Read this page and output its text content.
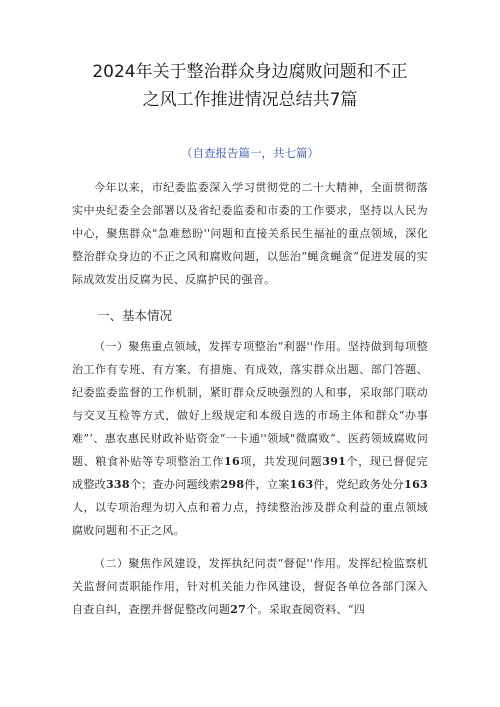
2024年关于整治群众身边腐败问题和不正
之风工作推进情况总结共7篇

（自查报告篇一，共七篇）

今年以来，市纪委监委深入学习贯彻党的二十大精神，全面贯彻落实中央纪委全会部署以及省纪委监委和市委的工作要求，坚持以人民为中心，聚焦群众"急难愁盼''问题和直接关系民生福祉的重点领域，深化整治群众身边的不正之风和腐败问题，以惩治“蝇贪蝇贪”促进发展的实际成效发出反腐为民、反腐护民的强音。

一、基本情况

（一）聚焦重点领域，发挥专项整治“利器''作用。坚持做到每项整治工作有专班、有方案、有措施、有成效，落实群众出题、部门答题、纪委监委监督的工作机制，紧盯群众反映强烈的人和事，采取部门联动与交叉互检等方式，做好上级规定和本级自选的市场主体和群众“办事难”‘、惠农惠民财政补贴资金“一卡通''领域"微腐败”、医药领域腐败问题、粮食补贴等专项整治工作16项，共发现问题391个，现已督促完成整改338个；查办问题线索298件，立案163件，党纪政务处分163人，以专项治理为切入点和着力点，持续整治涉及群众利益的重点领域腐败问题和不正之风。

（二）聚焦作风建设，发挥执纪问责“督促''作用。发挥纪检监察机关监督问责职能作用，针对机关能力作风建设，督促各单位各部门深入自查自纠，查摆并督促整改问题27个。采取查阅资料、“四
